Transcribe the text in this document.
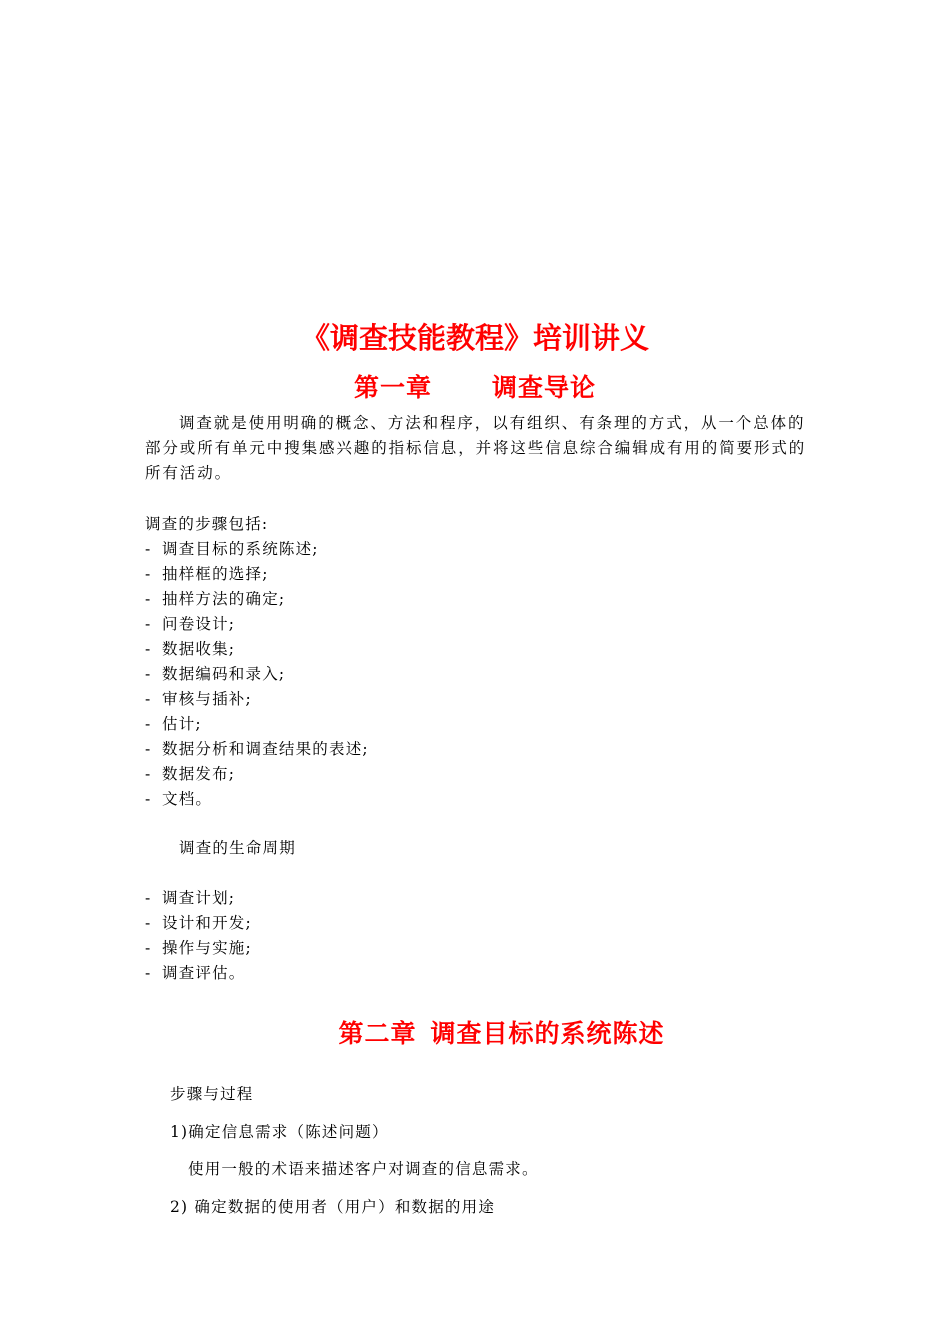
《调查技能教程》培训讲义
第一章 调查导论

调查就是使用明确的概念、方法和程序，以有组织、有条理的方式，从一个总体的部分或所有单元中搜集感兴趣的指标信息，并将这些信息综合编辑成有用的简要形式的所有活动。

调查的步骤包括:

- 调查目标的系统陈述;
- 抽样框的选择;
- 抽样方法的确定;
- 问卷设计;
- 数据收集;
- 数据编码和录入;
- 审核与插补;
- 估计;
- 数据分析和调查结果的表述;
- 数据发布;
- 文档。

调查的生命周期

- 调查计划;
- 设计和开发;
- 操作与实施;
- 调查评估。
第二章 调查目标的系统陈述

步骤与过程

1)确定信息需求（陈述问题）

使用一般的术语来描述客户对调查的信息需求。

2) 确定数据的使用者（用户）和数据的用途
